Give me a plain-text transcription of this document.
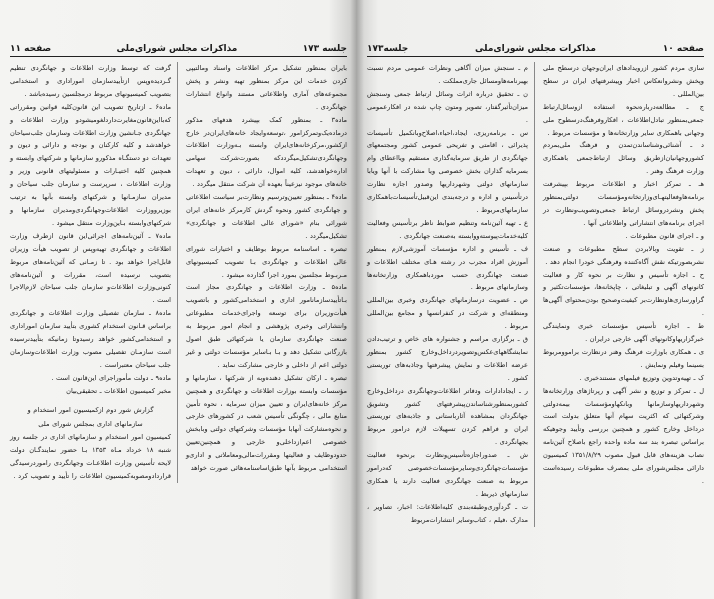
جلسه ۱۷۳
مذاکرات مجلس شورای‌ملی
صفحه ۱۱

بایران بمنظور تشکیل مرکز اطلاعات واسناد ومالتیپی کردن خدمات این مرکز بمنظور تهیه ونشر و پخش مجموعه‌های آماری واطلاعاتی مستند وانواع انتشارات جهانگردی .

ماده۳ ـ بمنظور کمک بپیشرد هدفهای مذکور درماده‌یک‌وتمرکزامور ،توسعه‌وایجاد خانه‌های‌ایران‌در خارج ازکشور،مرکزخانه‌های‌ایران وابسته بـه‌وزارت اطلاعات وجهانگردی‌تشکیل‌میگرددکه بصورت‌شرکت سهامی اداره‌خواهدشد، کلیه اموال، دارائی ، دیون و تعهدات خانه‌های موجود نیزعیناً بعهده آن شرکت منتقل میگردد .

ماده۴ ـ بمنظور تعیین‌وترسیم ونظارت‌بر سیاست اطلاعاتی و جهانگردی کشور ونحوه گردش کارمرکز خانه‌های ایران شورائی بنام «شورای عالی اطلاعات و جهانگردی» تشکیل‌میگردد .

تبصره ـ اساسنامه مربوط بوظایف و اختیارات شورای عالی اطلاعات و جهانگردی بـا تصویب کمیسیونهای مـربـوط مجلسین بمورد اجرا گذارده میشود .

ماده۵ ـ وزارت اطلاعات و جهانگردی مجاز است بـاتأییدسازمانامور اداری و استخدامی‌کشور و باتصویب هیأت‌وزیران برای توسعه واجرای‌خدمات مطبوعاتی وانتشاراتی وخبری‌ پژوهشی و انجام امور مربوط به صنعت جهانگردی سازمان یا شرکتهائی طبق اصول بازرگانی تشکیل دهد و بـا بـا‌سایر مؤسسات دولتی و غیر دولتی اعم از داخلی و خارجی مشارکت نماید .

تبصره ـ ارکان تشکیل دهنده‌وبه از شرکتها ، سازمانها و مؤسسات وابسته بوزارت اطلاعات و جهانگردی و همچنین مرکز خانه‌های‌ایران و تعیین میزان سرمایه ، نحوه تأمین منابع مالی ، چگونگی تأسیس شعب در کشورهای خارجی و نحوه‌مشارکت آنهابا مؤسسات وشرکتهای دولتی وبابخش خصوصی اعم‌ازداخلی‌و خارجی و همچنین‌تعیین حدودوظایف و فعالیتها ومقررات‌مالی‌ومعاملاتی و اداری‌و استخدامی مربوط بآنها طبق‌اساسنامه‌هائی صورت خواهد

گرفت که توسط وزارت اطلاعات و جهانگردی تنظیم گـردیده‌وپس ازتأییدسازمان اموراداری و استخدامی بتصویب کمیسیونهای مربوط درمجلسین رسیده‌باشد .

ماده۶ ـ ازتاریخ تصویب این قانون‌کلیه قوانین ومقرراتی که‌بااین‌قانون‌مغایرت‌دارد‌لغو‌میشودو وزارت اطلاعات و جهانگردی جـانشین وزارت اطلاعات وسازمان جلب‌سیاحان خواهدشد و کلیه کارکنان و بودجه و دارائی و دیون و تعهدات دو دستگـاه مذکورو سازمانها و شرکتهای وابسته و همچنین کلیه اختیـارات و مسئولیتهای قانونی وزیر و وزارت اطلاعات ، سرپرست و سازمان جلب سیاحان و مدیران سازمـانها و شرکتهای وابسته بآنها به ترتیب بوزیروو‌زارت اطلاعات‌وجهانگردی‌ومدیران سازمانها و شرکتهای‌وابسته بـاین‌وزارت منتقل میشود .

ماده۷ ـ آئین‌نامه‌های اجرائی‌این قانون ازطرف وزارت اطلاعات و جهانگردی تهیه‌وپس از تصویب هیأت وزیران قابل‌اجرا خواهد بود . تا زمـانی که آئین‌نامه‌های مربوط بتصویب نرسیده است، مقررات و آئین‌نامه‌های کنونی‌وزارت اطلاعات‌و سازمان جلب سیاحان لازم‌الاجرا است .

ماده۸ ـ سازمان تفصیلی وزارت اطلاعات و جهانگردی براساس قـانون استخدام کشوری بتأیید سازمان اموراداری و استخدامی‌کشور خواهد رسیدوتا زمانیکه بتأیید‌نرسیده است سازمـان تفصیلی مصوب وزارت اطلاعات‌وسازمان جلب سیاحان معتبراست .

ماده۹ ـ دولت مأموراجرای این‌قانون است .

مخبر کمیسیون اطلاعات ـ تحقیقی‌بیان

گزارش شور دوم ازکمیسیون امور استخدام و

سازمانهای اداری بمجلس شورای ملی

کمیسیون امور استخدام و سازمانهای اداری در جلسه روز شنبه ۱۸ خرداد مـاه ۱۳۵۳ بـا حضور نمایندگـان دولت لایحه تأسیس وزارت اطلاعـات وجهانگردی رامورد‌رسیدگی‌ قرارداد‌ومصوبه‌کمیسیون اطلاعات را تأیید و تصویب کرد .

صفحه ۱۰
مذاکرات مجلس شورای‌ملی
جلسه۱۷۳

سازی مردم کشور ازرویدادهای ایران‌وجهان درسطح ملی وپخش ونشروانعکاس اخبار وپیشرفتهای ایران در سطح بین‌المللی .

ج ـ مطالعه‌درباره‌نحوه استفاده ازوسائل‌ارتباط جمعی‌بمنظور تبادل‌اطلاعات ، افکاروفرهنگ‌درسطوح ملی وجهانی باهمکاری سایر وزارتخانه‌ها و مؤسسات مربوط .

د ـ آشنائی‌وشناساندن‌تمدن و فرهنگ ملی‌بمردم کشوروجهانیان‌ازطریق وسائل ارتباط‌جمعی باهمکاری وزارت فرهنگ وهنر .

هـ ـ تمرکز اخبار و اطلاعات مربوط بپیشرفت برنامه‌هاوفعالیتهـای‌وزارتخانه‌ومؤسسات دولتی‌بمنظور پخش ونشردروسائل ارتباط جمعی‌وتصویب‌ونظارت در اجرای برنامه‌های انتشاراتی واطلاعاتی آنها .

و ـ اجرای قانون مطبوعات .

ز ـ تقویت وبالابردن سطح مطبوعات و صنعت نشربصورتیکه نقش آگاه‌کننده وفرهنگی خودرا انجام دهد .

ح ـ اجازه تأسیس و نظارت بر نحوه کار و فعالیت کانونهای آگهی و تبلیغاتی ، چاپخانه‌ها، مؤسسات‌تکثیر و گراورسازی‌هاونظارت‌بر کیفیت‌وصحیح بودن‌محتوای آگهی‌ها .

ط ـ اجازه تأسیس مؤسسات خبری ونمایندگی خبرگزاریهاوکانونهای آگهی خارجی درایران .

ی ـ همکاری باوزارت فرهنگ وهنر درنظارت براموومربوط بسینما وفیلم ونمایش .

ک ـ تهیه‌وتدوین وتوزیع فیلمهای مستندخبری .

ل ـ تمرکز و توزیع و نشر آگهی و رپرتاژهای وزارتخانه‌ها وشهرداریهاوسازمانها وبانکهاومؤسسات بیمه‌دولتی وشرکتهائی که اکثریت سهام آنها متعلق بدولت است درداخل وخارج کشور و همچنین بررسی وتأیید وجوهیکه براساس تبصره بند سه ماده واحده راجع باصلاح آئین‌نامه نصاب هزینه‌های قابل قبول مصوب ۱۳۵۱/۸/۲۹ کمیسیون دارائی مجلس‌شورای ملی بمصرف مطبوعات رسیده‌است .

م ـ سنجش میزان آگاهی ونظرات عمومی مردم نسبت بهبرنامه‌هاو‌مسائل جاری‌مملکت .

ن ـ تحقیق درباره اثرات وسائل ارتباط جمعی وسنجش میزان‌تأثیر‌گفتار، تصویر ومتون چاپ شده در افکارعمومی .

س ـ برنامه‌ریزی، ایجاد،احیاء،اصلاح‌وبانکمیل تأسیسات پذیرائی ، اقامتی و تفریحی عمومی کشور ومجتمعهای جهانگردی از طریق سرمایه‌گذاری مستقیم ویااعطای وام بسرمایه گذاران بخش خصوصی ویا مشارکت با آنها ویابا سازمانهای دولتی وشهرداریها وصدور اجازه نظارت درتأسیس و اداره و درجه‌بندی این‌قبیل‌تأسیسات‌باهمکاری سازمانهای‌مربوط .

ع ـ تهیه آئین‌نامه وتنظیم ضوابط ناظر برتأسیس وفعالیت کلیه‌خدمات‌پیوسته‌ووابسته به‌صنعت جهانگردی .

ف ـ تأسیس و اداره مؤسسات آموزشی‌لازم بمنظور آموزش افراد مجرب در رشته هـای مختلف اطلاعات و صنعت جهانگردی حسب موردباهمکاری وزارتخانه‌ها وسازمانهای مربوط .

ص ـ عضویت درسازمانهای جهانگردی وخبری بین‌المللی ومنطقه‌ای و شرکت در کنفرانسها و مجامع بین‌المللی مربوط .

ق ـ برگزاری مراسم و جشنواره های خاص و ترتیب‌دادن نمایشگاههای‌عکس‌وتصویر‌درداخل‌وخارج کشور بمنظور عرضه اطلاعات و نمایش پیشرفتها وجاذبه‌های توریستی کشور .

ر ـ ایجاد‌ادارات ودفاتر اطلاعات‌وجهانگردی درداخل‌وخارج کشور‌بمنظورشناساندن‌پیشرفتهای کشور وتشویق جهانگردان بمشاهده آثارباستانی و جاذبه‌های توریستی ایران و فراهم کردن تسهیلات لازم درامور مربوط بجهانگردی .

ش ـ صدوراجازه‌تأسیس‌ونظارت برنحوه فعالیت مؤسسات‌جهانگردی‌وسایر‌مؤسسات‌خصوصی که‌درامور مربوط به صنعت جهانگردی فعالیت دارند یا همکاری سازمانهای ذیربط .

ت ـ گردآوری‌وطبقه‌بندی کلیه‌اطلاعات: اخبار، تصاویر ، مدارک ،فیلم ، کتاب‌وسایر انتشارات‌مربوط
